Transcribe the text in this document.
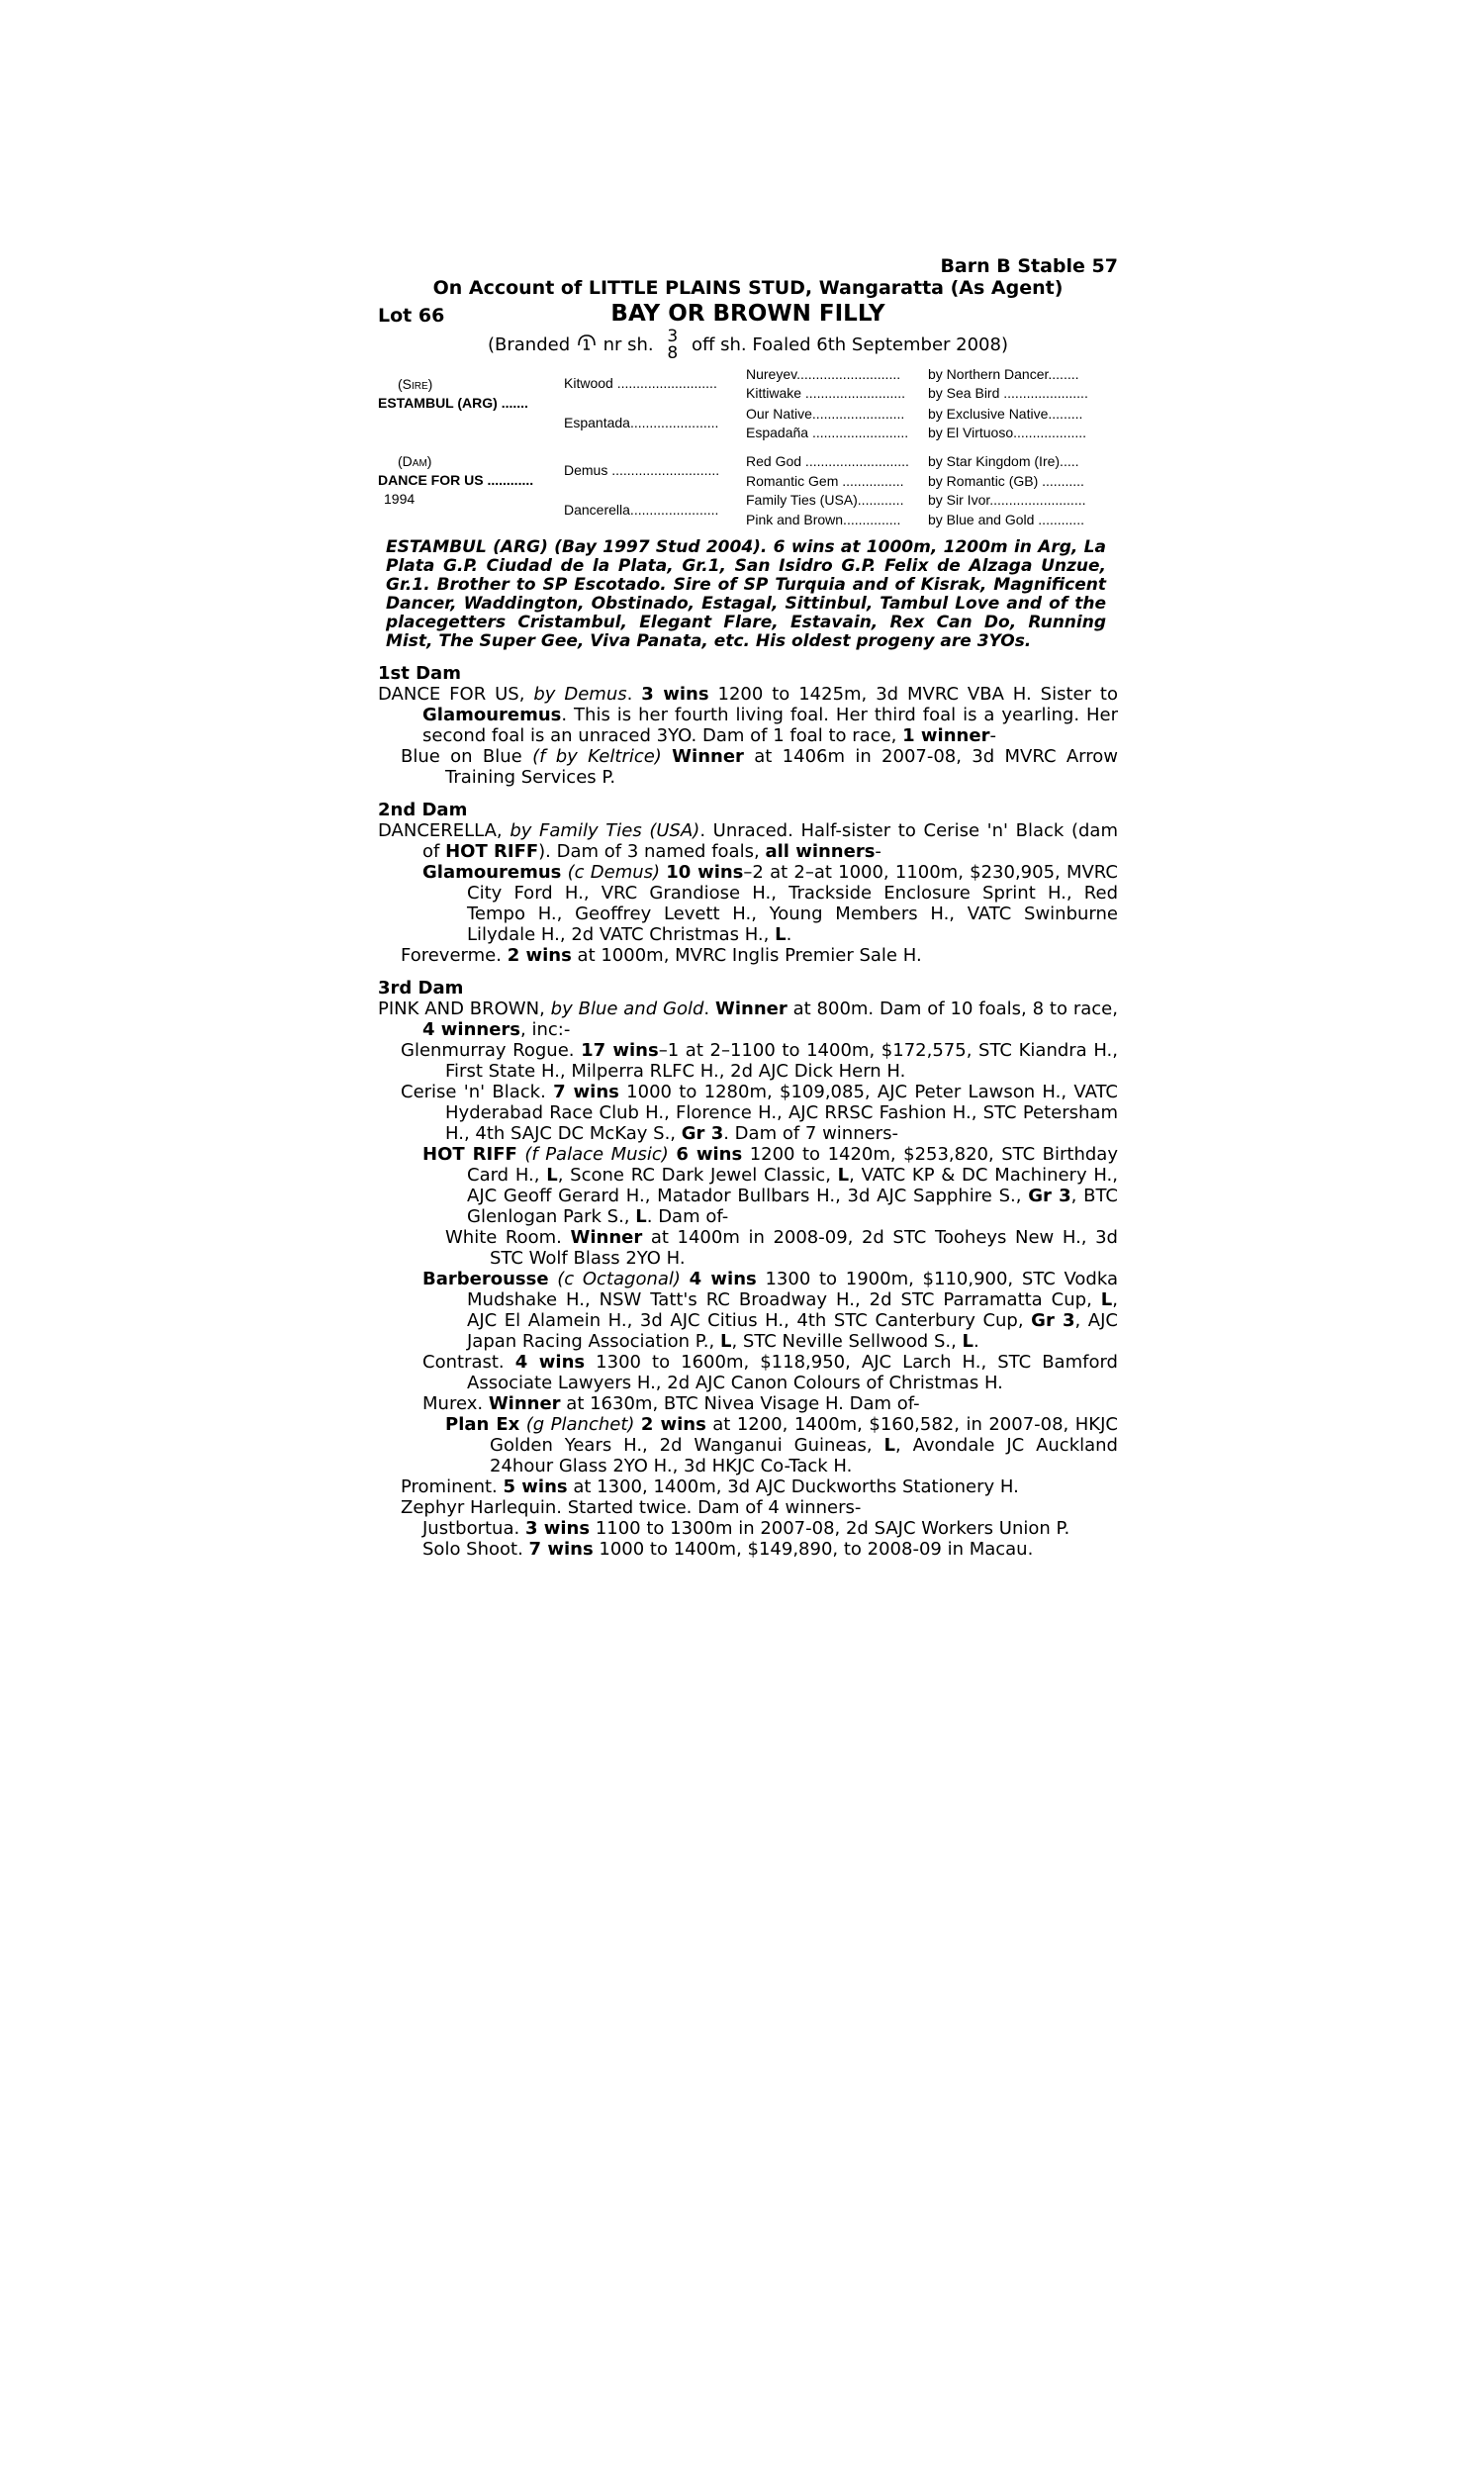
Barn B Stable 57
On Account of LITTLE PLAINS STUD, Wangaratta (As Agent)
Lot 66	BAY OR BROWN FILLY
(Branded nr sh. 3
8 off sh. Foaled 6th September 2008)
(Sire)
ESTAMBUL (ARG) .......
(Dam)
DANCE FOR US ............
1994
Kitwood ..........................
Espantada.......................
Demus ............................
Dancerella.......................
Nureyev...........................
Kittiwake ..........................
Our Native........................
Espadaña .........................
Red God ...........................
Romantic Gem ................
Family Ties (USA)............
Pink and Brown...............
by Northern Dancer........
by Sea Bird ......................
by Exclusive Native.........
by El Virtuoso...................
by Star Kingdom (Ire).....
by Romantic (GB) ...........
by Sir Ivor.........................
by Blue and Gold ............
ESTAMBUL (ARG) (Bay 1997 Stud 2004). 6 wins at 1000m, 1200m in Arg, La Plata G.P. Ciudad de la Plata, Gr.1, San Isidro G.P. Felix de Alzaga Unzue, Gr.1. Brother to SP Escotado. Sire of SP Turquia and of Kisrak, Magnificent Dancer, Waddington, Obstinado, Estagal, Sittinbul, Tambul Love and of the placegetters Cristambul, Elegant Flare, Estavain, Rex Can Do, Running Mist, The Super Gee, Viva Panata, etc. His oldest progeny are 3YOs.
1st Dam
DANCE FOR US, by Demus. 3 wins 1200 to 1425m, 3d MVRC VBA H. Sister to Glamouremus. This is her fourth living foal. Her third foal is a yearling. Her second foal is an unraced 3YO. Dam of 1 foal to race, 1 winner-
Blue on Blue (f by Keltrice) Winner at 1406m in 2007-08, 3d MVRC Arrow Training Services P.
2nd Dam
DANCERELLA, by Family Ties (USA). Unraced. Half-sister to Cerise 'n' Black (dam of HOT RIFF). Dam of 3 named foals, all winners-
Glamouremus (c Demus) 10 wins–2 at 2–at 1000, 1100m, $230,905, MVRC City Ford H., VRC Grandiose H., Trackside Enclosure Sprint H., Red Tempo H., Geoffrey Levett H., Young Members H., VATC Swinburne Lilydale H., 2d VATC Christmas H., L.
Foreverme. 2 wins at 1000m, MVRC Inglis Premier Sale H.
3rd Dam
PINK AND BROWN, by Blue and Gold. Winner at 800m. Dam of 10 foals, 8 to race, 4 winners, inc:-
Glenmurray Rogue. 17 wins–1 at 2–1100 to 1400m, $172,575, STC Kiandra H., First State H., Milperra RLFC H., 2d AJC Dick Hern H.
Cerise 'n' Black. 7 wins 1000 to 1280m, $109,085, AJC Peter Lawson H., VATC Hyderabad Race Club H., Florence H., AJC RRSC Fashion H., STC Petersham H., 4th SAJC DC McKay S., Gr 3. Dam of 7 winners-
HOT RIFF (f Palace Music) 6 wins 1200 to 1420m, $253,820, STC Birthday Card H., L, Scone RC Dark Jewel Classic, L, VATC KP & DC Machinery H., AJC Geoff Gerard H., Matador Bullbars H., 3d AJC Sapphire S., Gr 3, BTC Glenlogan Park S., L. Dam of-
White Room. Winner at 1400m in 2008-09, 2d STC Tooheys New H., 3d STC Wolf Blass 2YO H.
Barberousse (c Octagonal) 4 wins 1300 to 1900m, $110,900, STC Vodka Mudshake H., NSW Tatt's RC Broadway H., 2d STC Parramatta Cup, L, AJC El Alamein H., 3d AJC Citius H., 4th STC Canterbury Cup, Gr 3, AJC Japan Racing Association P., L, STC Neville Sellwood S., L.
Contrast. 4 wins 1300 to 1600m, $118,950, AJC Larch H., STC Bamford Associate Lawyers H., 2d AJC Canon Colours of Christmas H.
Murex. Winner at 1630m, BTC Nivea Visage H. Dam of-
Plan Ex (g Planchet) 2 wins at 1200, 1400m, $160,582, in 2007-08, HKJC Golden Years H., 2d Wanganui Guineas, L, Avondale JC Auckland 24hour Glass 2YO H., 3d HKJC Co-Tack H.
Prominent. 5 wins at 1300, 1400m, 3d AJC Duckworths Stationery H.
Zephyr Harlequin. Started twice. Dam of 4 winners-
Justbortua. 3 wins 1100 to 1300m in 2007-08, 2d SAJC Workers Union P.
Solo Shoot. 7 wins 1000 to 1400m, $149,890, to 2008-09 in Macau.
